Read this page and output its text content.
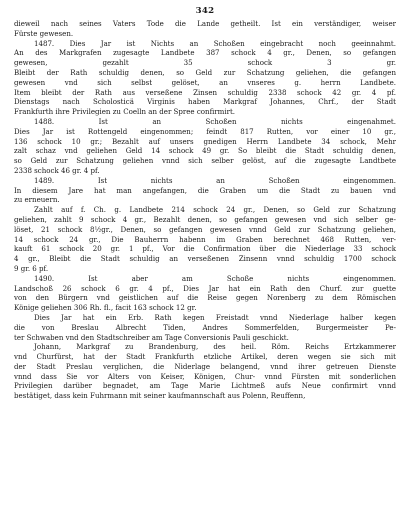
342
dieweil nach seines Vaters Tode die Lande getheilt. Ist ein verständiger, weiser
Fürste gewesen.
1487. Dies Jar ist Nichts an Schoßen eingebracht noch geeinnahmt.
An des Markgrafen zugesagte Landbete 387 schock 4 gr., Denen, so gefangen
gewesen, gezahlt 35 schock 3 gr.
Bleibt der Rath schuldig denen, so Geld zur Schatzung geliehen, die gefangen
gewesen vnd sich selbst gelöset, an vnseres g. herrn Landbete.
Item bleibt der Rath aus verseßene Zinsen schuldig 2338 schock 42 gr. 4 pf.
Dienstags nach Scholosticä Virginis haben Markgraf Johannes, Chrf., der Stadt
Frankfurth ihre Privilegien zu Coelln an der Spree confirmirt.
1488. Ist an Schoßen nichts eingenahmet.
Dies Jar ist Rottengeld eingenommen; feindt 817 Rutten, vor einer 10 gr.,
136 schock 10 gr.; Bezahlt auf unsers gnedigen Herrn Landbete 34 schock, Mehr
zalt schaz vnd geliehen Geld 14 schock 49 gr. So bleibt die Stadt schuldig denen,
so Geld zur Schatzung geliehen vnnd sich selber gelöst, auf die zugesagte Landtbete
2338 schock 46 gr. 4 pf.
1489. Ist nichts an Schoßen eingenommen.
In diesem Jare hat man angefangen, die Graben um die Stadt zu bauen vnd
zu erneuern.
Zahlt auf f. Ch. g. Landbete 214 schock 24 gr., Denen, so Geld zur Schatzung
geliehen, zahlt 9 schock 4 gr., Bezahlt denen, so gefangen gewesen vnd sich selber ge-
löset, 21 schock 8½gr., Denen, so gefangen gewesen vnnd Geld zur Schatzung geliehen,
14 schock 24 gr., Die Bauherrn habenn im Graben berechnet 468 Rutten, ver-
kauft 61 schock 20 gr. 1 pf., Vor die Confirmation über die Niederlage 33 schock
4 gr., Bleibt die Stadt schuldig an verseßenen Zinsenn vnnd schuldig 1700 schock
9 gr. 6 pf.
1490. Ist aber am Schoße nichts eingenommen.
Landschoß 26 schock 6 gr. 4 pf., Dies Jar hat ein Rath den Churf. zur guette
von den Bürgern vnd geistlichen auf die Reise gegen Norenberg zu dem Römischen
Könige geliehen 306 Rh. fl., facit 163 schock 12 gr.
Dies Jar hat ein Erb. Rath kegen Freistadt vnnd Niederlage halber kegen
die von Breslau Albrecht Tiden, Andres Sommerfelden, Burgermeister Pe-
ter Schwaben vnd den Stadtschreiber am Tage Conversionis Pauli geschickt.
Johann, Markgraf zu Brandenburg, des heil. Röm. Reichs Ertzkammerer
vnd Churfürst, hat der Stadt Frankfurth etzliche Artikel, deren wegen sie sich mit
der Stadt Preslau verglichen, die Niderlage belangend, vnnd ihrer getreuen Dienste
vnnd dass Sie vor Alters von Keiser, Königen, Chur- vnnd Fürsten mit sonderlichen
Privilegien darüber begnadet, am Tage Marie Lichtmeß aufs Neue confirmirt vnnd
bestätiget, dass kein Fuhrmann mit seiner kaufmannschaft aus Polenn, Reuffenn,
